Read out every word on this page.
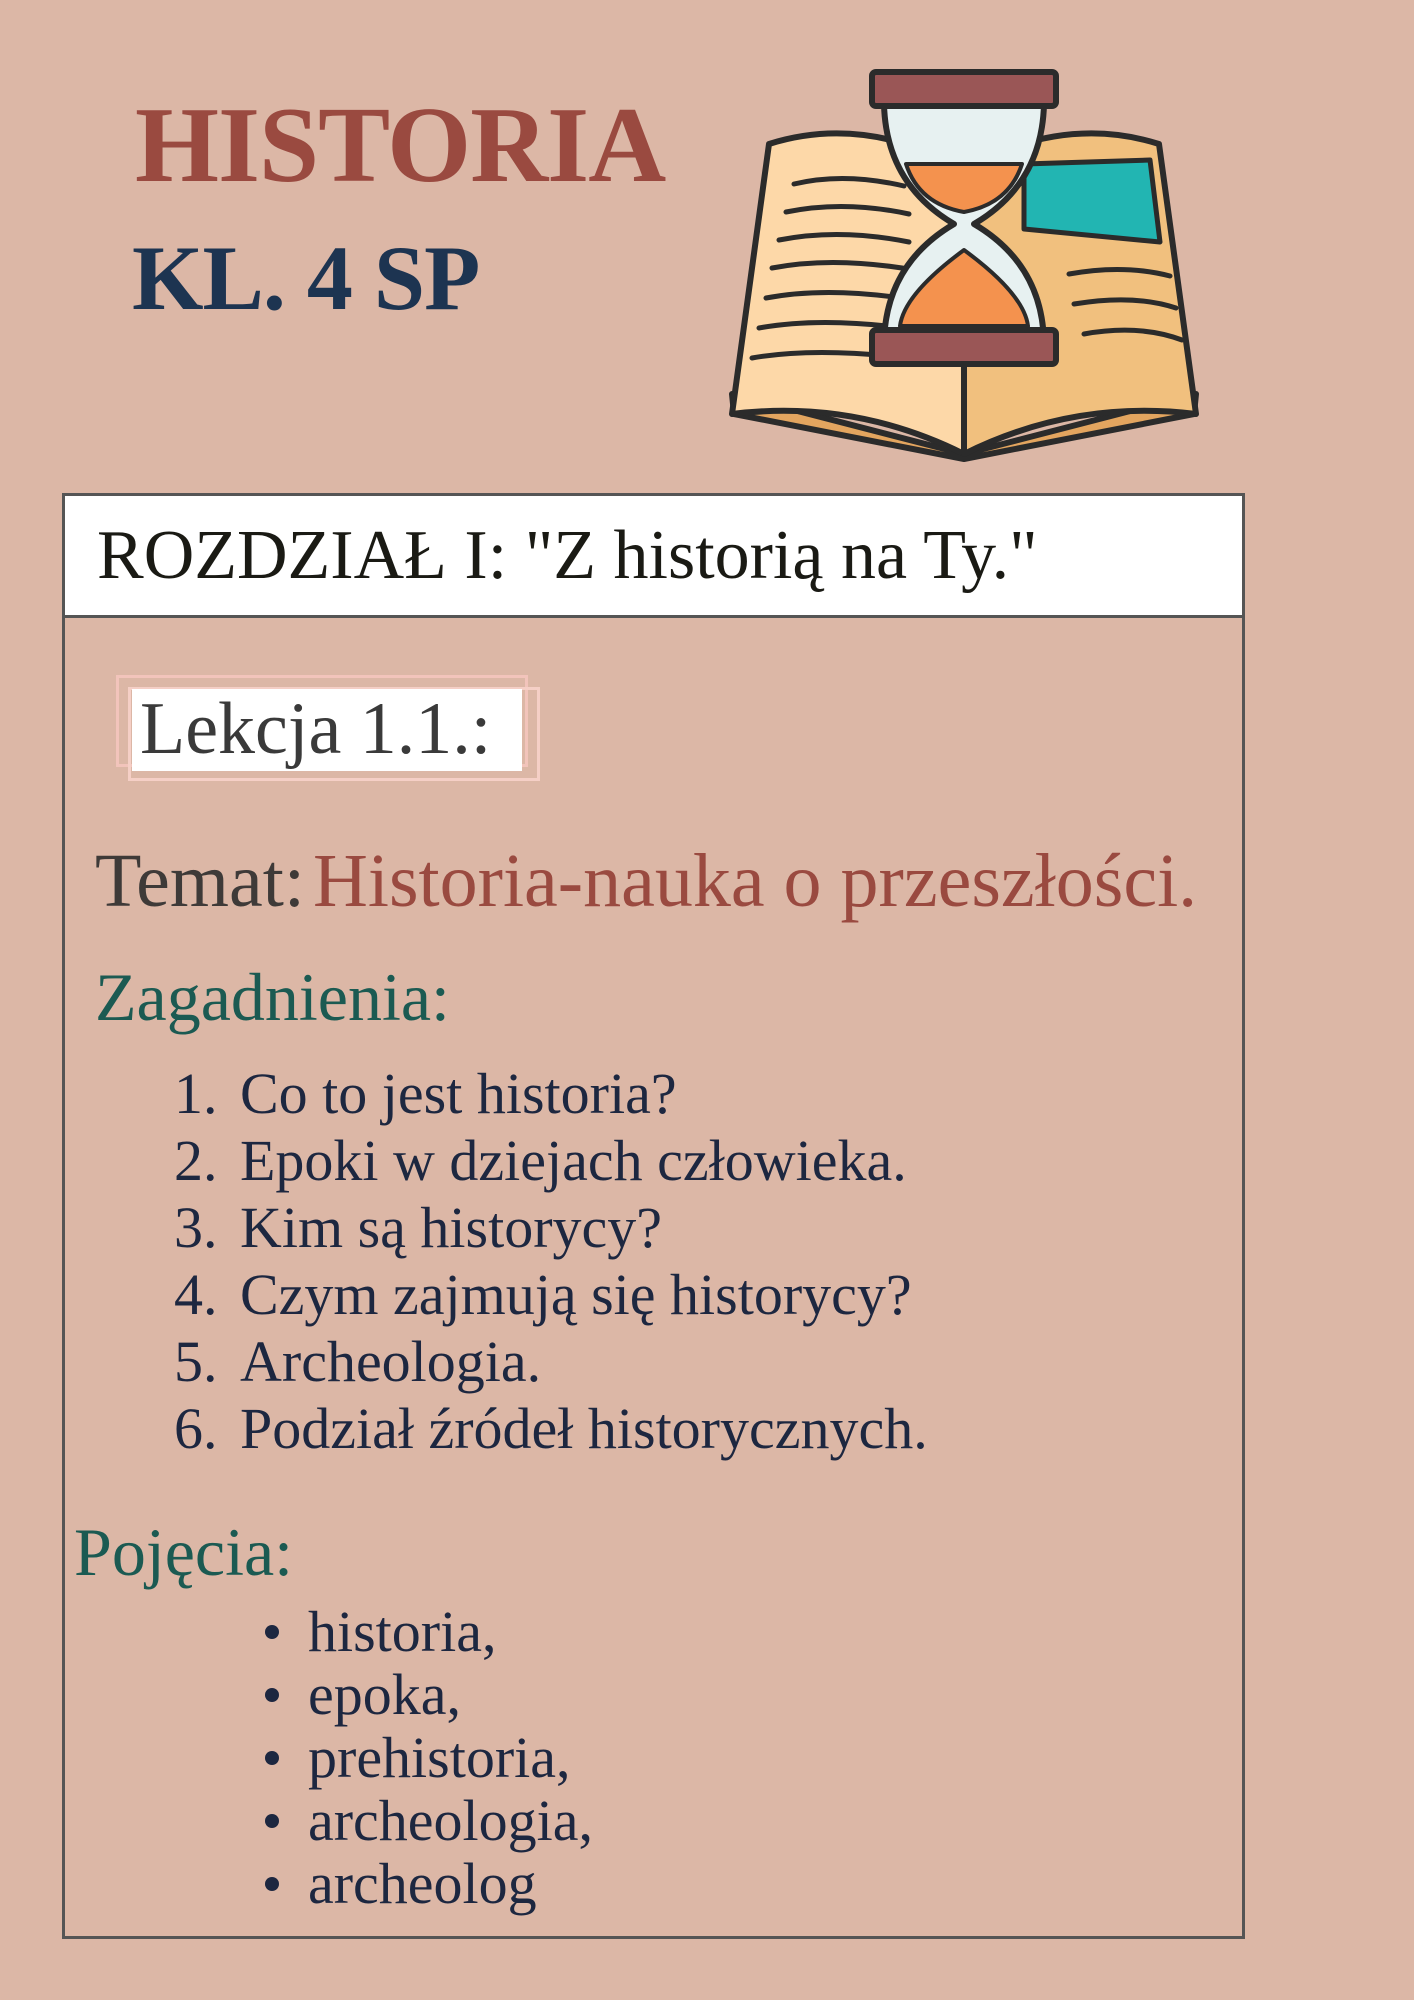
HISTORIA
KL. 4 SP

ROZDZIAŁ I: "Z historią na Ty."

Lekcja 1.1.:

Temat: Historia-nauka o przeszłości.

Zagadnienia:

1. Co to jest historia?
2. Epoki w dziejach człowieka.
3. Kim są historycy?
4. Czym zajmują się historycy?
5. Archeologia.
6. Podział źródeł historycznych.

Pojęcia:

historia,
epoka,
prehistoria,
archeologia,
archeolog
